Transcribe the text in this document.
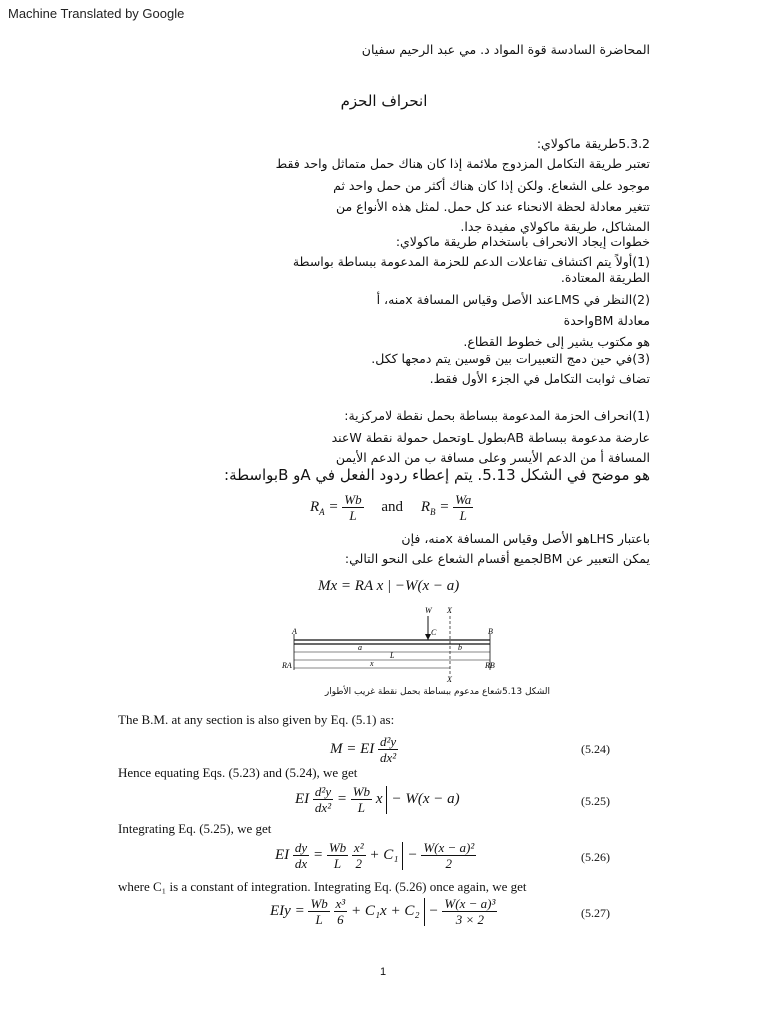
Machine Translated by Google
المحاضرة السادسة قوة المواد د. مي عبد الرحيم سفيان
انحراف الحزم
5.3.2طريقة ماكولاي:
تعتبر طريقة التكامل المزدوج ملائمة إذا كان هناك حمل متماثل واحد فقط
موجود على الشعاع. ولكن إذا كان هناك أكثر من حمل واحد ثم
تتغير معادلة لحظة الانحناء عند كل حمل. لمثل هذه الأنواع من
المشاكل، طريقة ماكولاي مفيدة جدا.
خطوات إيجاد الانحراف باستخدام طريقة ماكولاي:
(1)أولاً يتم اكتشاف تفاعلات الدعم للحزمة المدعومة ببساطة بواسطة
الطريقة المعتادة.
(2)النظر في LMSعند الأصل وقياس المسافة xمنه، أ
معادلة BMواحدة
هو مكتوب يشير إلى خطوط القطاع.
(3)في حين دمج التعبيرات بين قوسين يتم دمجها ككل.
تضاف ثوابت التكامل في الجزء الأول فقط.
(1)انحراف الحزمة المدعومة ببساطة بحمل نقطة لامركزية:
عارضة مدعومة ببساطة ABبطول Lوتحمل حمولة نقطة Wعند
المسافة أ من الدعم الأيسر وعلى مسافة ب من الدعم الأيمن
هو موضح في الشكل 5.13. يتم إعطاء ردود الفعل في Aو Bبواسطة:
$R_A = \frac{Wb}{L}$ and $R_B = \frac{Wa}{L}$
باعتبار LHSهو الأصل وقياس المسافة xمنه، فإن
يمكن التعبير عن BMلجميع أقسام الشعاع على النحو التالي:
Mx = RA x | −W(x − a)
W X
X
C
A	B
a	b
L
x
RA	RB
الشكل 5.13شعاع مدعوم ببساطة بحمل نقطة غريب الأطوار
The B.M. at any section is also given by Eq. (5.1) as:
M = EI $\frac{\text{d²y}}{\text{dx²}}$	(5.24)
Hence equating Eqs. (5.23) and (5.24), we get
EI $\frac{\text{d²y}}{\text{dx²}} = \frac{Wb}{L}$ x − W(x − a)	(5.25)
Integrating Eq. (5.25), we get
EI $\frac{dy}{dx} = \frac{Wb}{L}$
$\frac{\text{x²}}{2} + C_1 - \frac{\text{W(x − a)²}}{2}$	(5.26)
where C₁ is a constant of integration. Integrating Eq. (5.26) once again, we get
EIy = $\frac{Wb}{L}$
$\frac{\text{x³}}{6} + C_1x + C_2 - \frac{\text{W(x − a)³}}{3 \times 2}$	(5.27)
1
